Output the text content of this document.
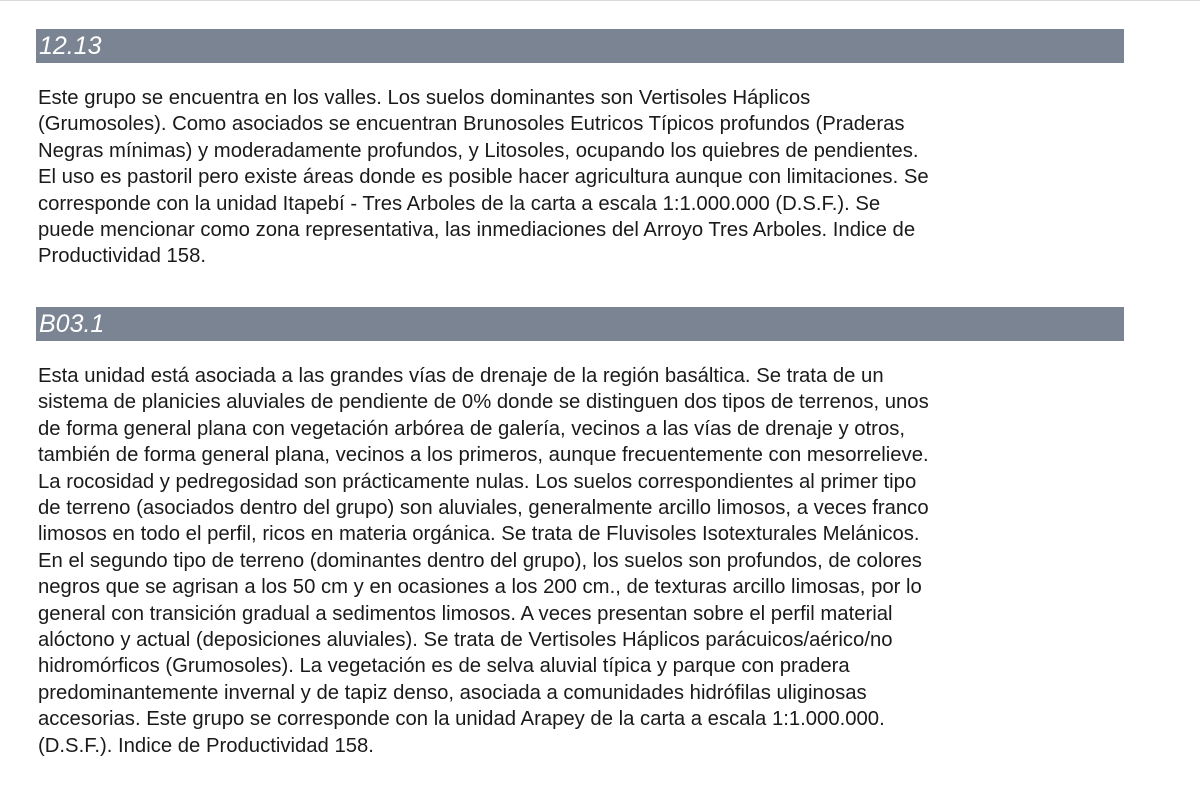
12.13
Este grupo se encuentra en los valles. Los suelos dominantes son Vertisoles Háplicos
(Grumosoles). Como asociados se encuentran Brunosoles Eutricos Típicos profundos (Praderas
Negras mínimas) y moderadamente profundos, y Litosoles, ocupando los quiebres de pendientes.
El uso es pastoril pero existe áreas donde es posible hacer agricultura aunque con limitaciones. Se
corresponde con la unidad Itapebí - Tres Arboles de la carta a escala 1:1.000.000 (D.S.F.). Se
puede mencionar como zona representativa, las inmediaciones del Arroyo Tres Arboles. Indice de
Productividad 158.
B03.1
Esta unidad está asociada a las grandes vías de drenaje de la región basáltica. Se trata de un
sistema de planicies aluviales de pendiente de 0% donde se distinguen dos tipos de terrenos, unos
de forma general plana con vegetación arbórea de galería, vecinos a las vías de drenaje y otros,
también de forma general plana, vecinos a los primeros, aunque frecuentemente con mesorrelieve.
La rocosidad y pedregosidad son prácticamente nulas. Los suelos correspondientes al primer tipo
de terreno (asociados dentro del grupo) son aluviales, generalmente arcillo limosos, a veces franco
limosos en todo el perfil, ricos en materia orgánica. Se trata de Fluvisoles Isotexturales Melánicos.
En el segundo tipo de terreno (dominantes dentro del grupo), los suelos son profundos, de colores
negros que se agrisan a los 50 cm y en ocasiones a los 200 cm., de texturas arcillo limosas, por lo
general con transición gradual a sedimentos limosos. A veces presentan sobre el perfil material
alóctono y actual (deposiciones aluviales). Se trata de Vertisoles Háplicos parácuicos/aérico/no
hidromórficos (Grumosoles). La vegetación es de selva aluvial típica y parque con pradera
predominantemente invernal y de tapiz denso, asociada a comunidades hidrófilas uliginosas
accesorias. Este grupo se corresponde con la unidad Arapey de la carta a escala 1:1.000.000.
(D.S.F.). Indice de Productividad 158.
